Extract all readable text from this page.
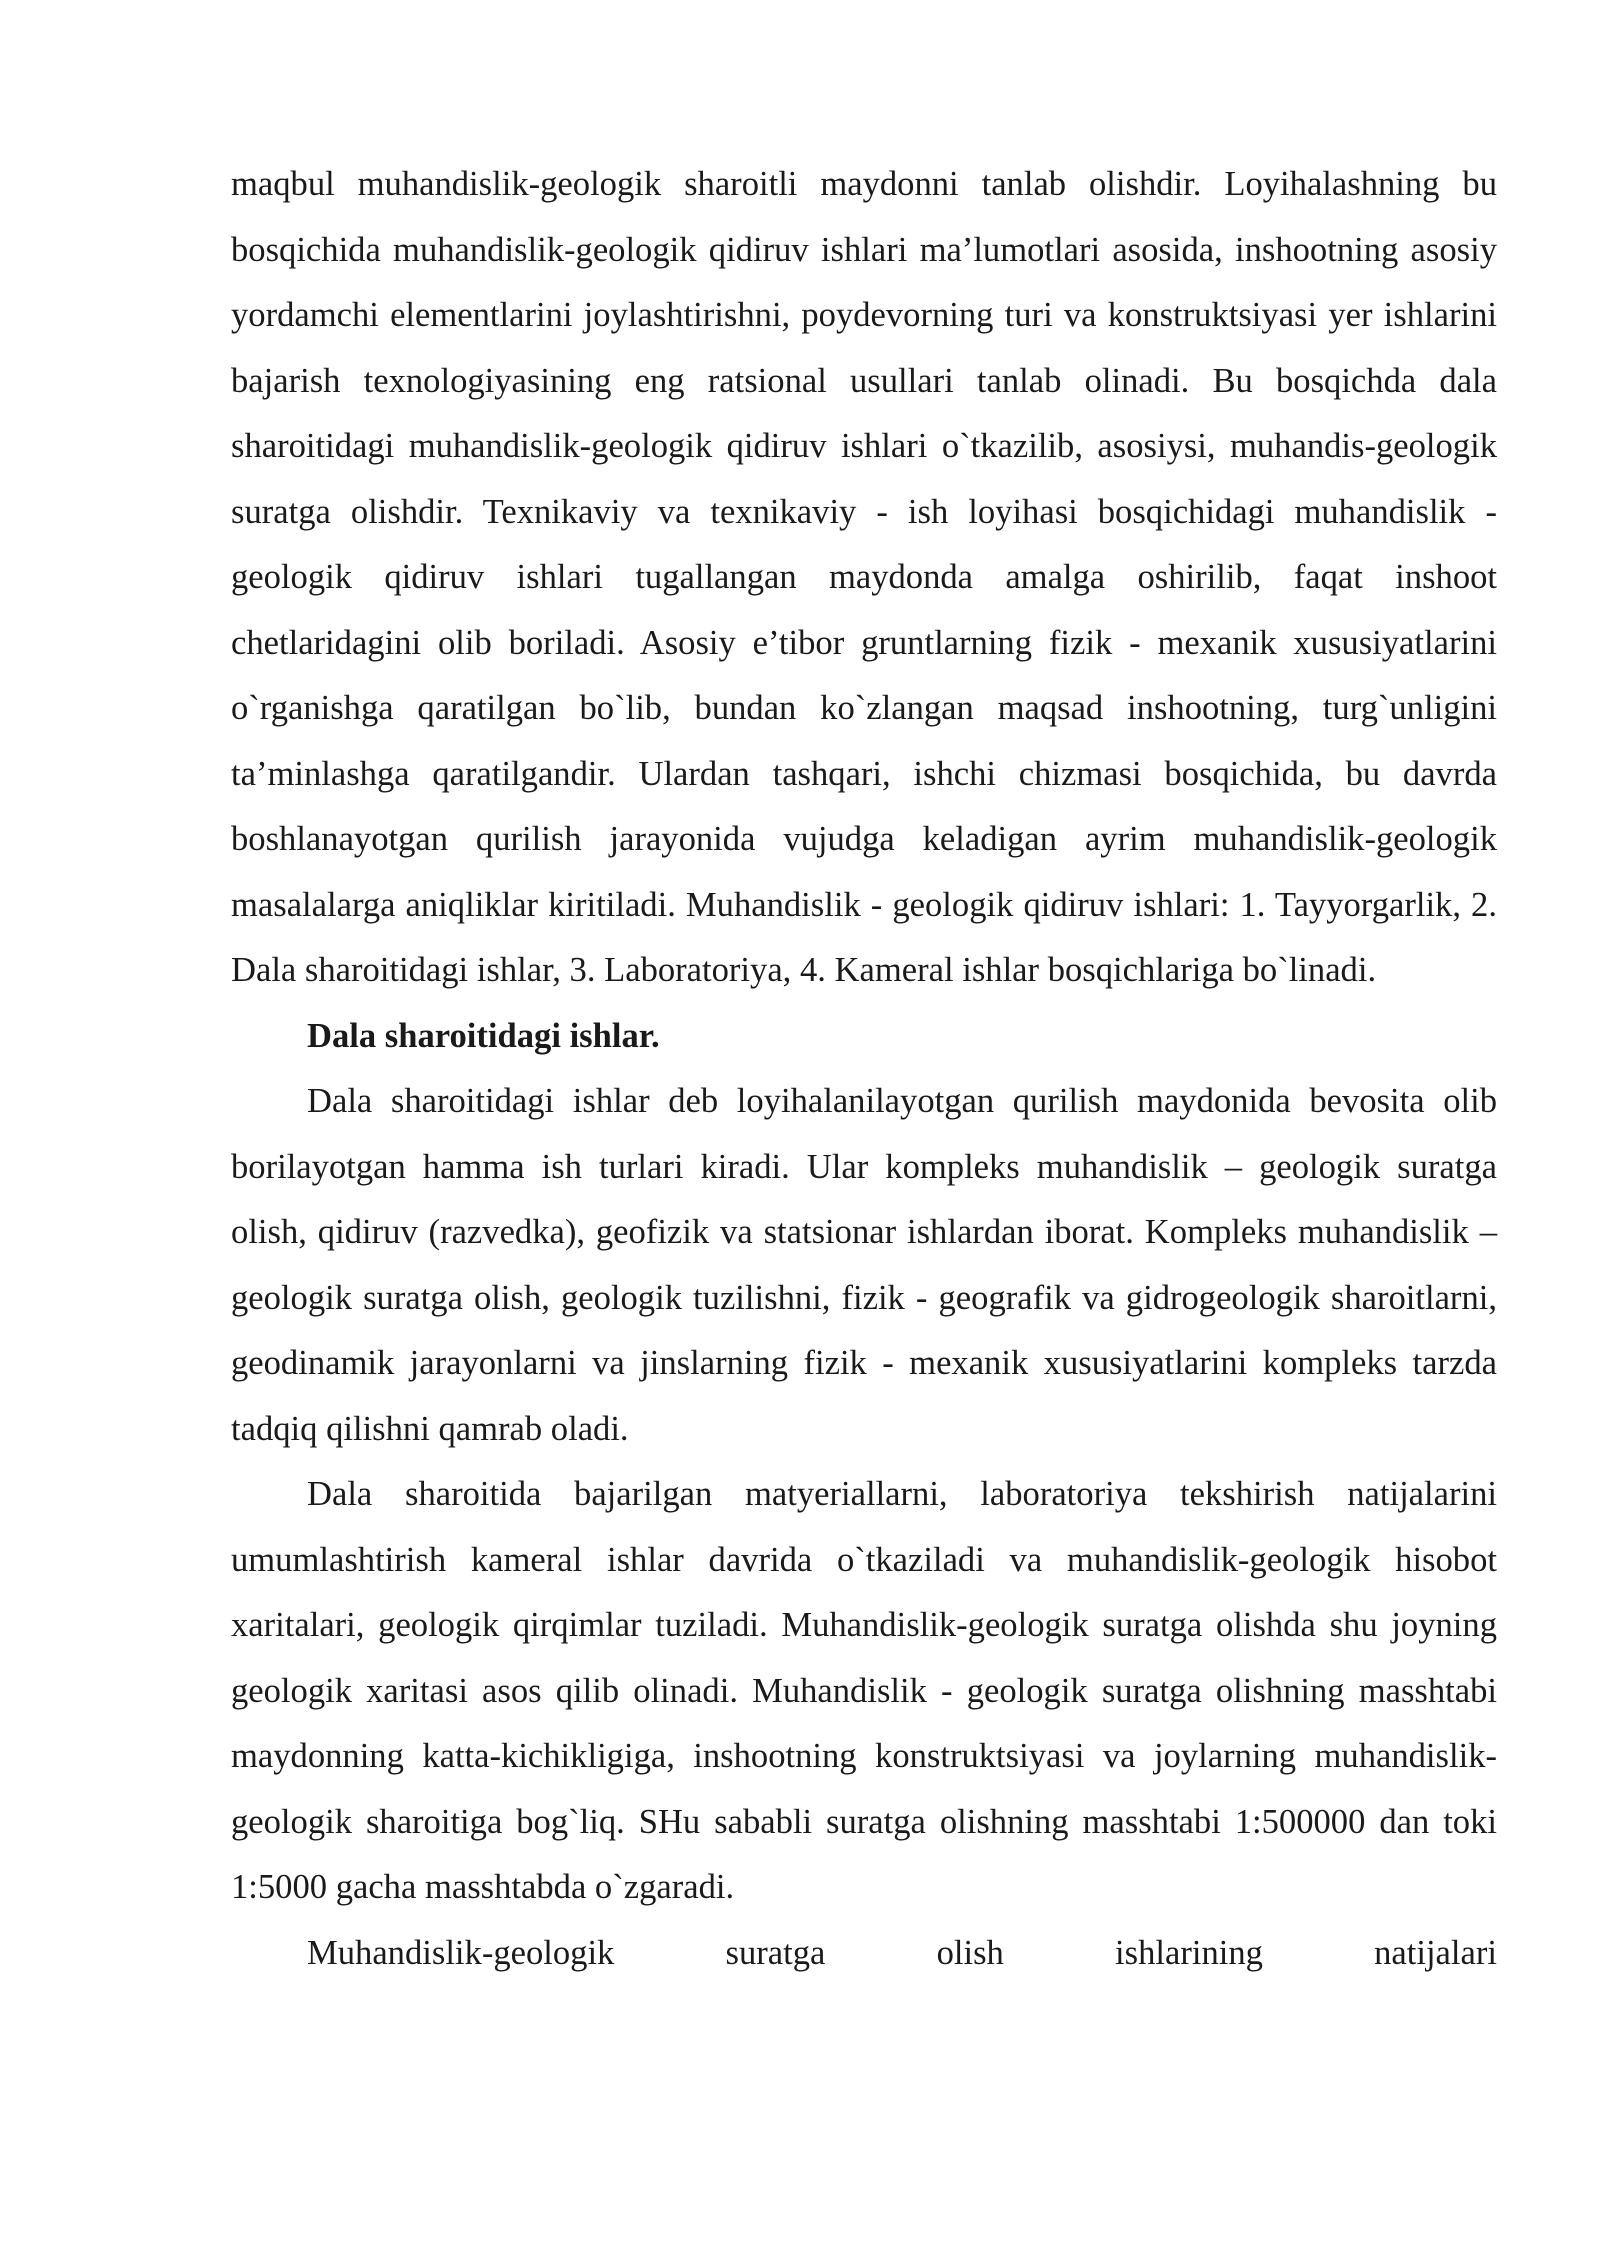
maqbul muhandislik-geologik sharoitli maydonni tanlab olishdir. Loyihalashning bu bosqichida muhandislik-geologik qidiruv ishlari ma’lumotlari asosida, inshootning asosiy yordamchi elementlarini joylashtirishni, poydevorning turi va konstruktsiyasi yer ishlarini bajarish texnologiyasining eng ratsional usullari tanlab olinadi. Bu bosqichda dala sharoitidagi muhandislik-geologik qidiruv ishlari o`tkazilib, asosiysi, muhandis-geologik suratga olishdir. Texnikaviy va texnikaviy - ish loyihasi bosqichidagi muhandislik - geologik qidiruv ishlari tugallangan maydonda amalga oshirilib, faqat inshoot chetlaridagini olib boriladi. Asosiy e’tibor gruntlarning fizik - mexanik xususiyatlarini o`rganishga qaratilgan bo`lib, bundan ko`zlangan maqsad inshootning, turg`unligini ta’minlashga qaratilgandir. Ulardan tashqari, ishchi chizmasi bosqichida, bu davrda boshlanayotgan qurilish jarayonida vujudga keladigan ayrim muhandislik-geologik masalalarga aniqliklar kiritiladi. Muhandislik - geologik qidiruv ishlari: 1. Tayyorgarlik, 2. Dala sharoitidagi ishlar, 3. Laboratoriya, 4. Kameral ishlar bosqichlariga bo`linadi.

Dala sharoitidagi ishlar.

Dala sharoitidagi ishlar deb loyihalanilayotgan qurilish maydonida bevosita olib borilayotgan hamma ish turlari kiradi. Ular kompleks muhandislik – geologik suratga olish, qidiruv (razvedka), geofizik va statsionar ishlardan iborat. Kompleks muhandislik – geologik suratga olish, geologik tuzilishni, fizik - geografik va gidrogeologik sharoitlarni, geodinamik jarayonlarni va jinslarning fizik - mexanik xususiyatlarini kompleks tarzda tadqiq qilishni qamrab oladi.

Dala sharoitida bajarilgan matyeriallarni, laboratoriya tekshirish natijalarini umumlashtirish kameral ishlar davrida o`tkaziladi va muhandislik-geologik hisobot xaritalari, geologik qirqimlar tuziladi. Muhandislik-geologik suratga olishda shu joyning geologik xaritasi asos qilib olinadi. Muhandislik - geologik suratga olishning masshtabi maydonning katta-kichikligiga, inshootning konstruktsiyasi va joylarning muhandislik-geologik sharoitiga bog`liq. SHu sababli suratga olishning masshtabi 1:500000 dan toki 1:5000 gacha masshtabda o`zgaradi.

Muhandislik-geologik suratga olish ishlarining natijalari
